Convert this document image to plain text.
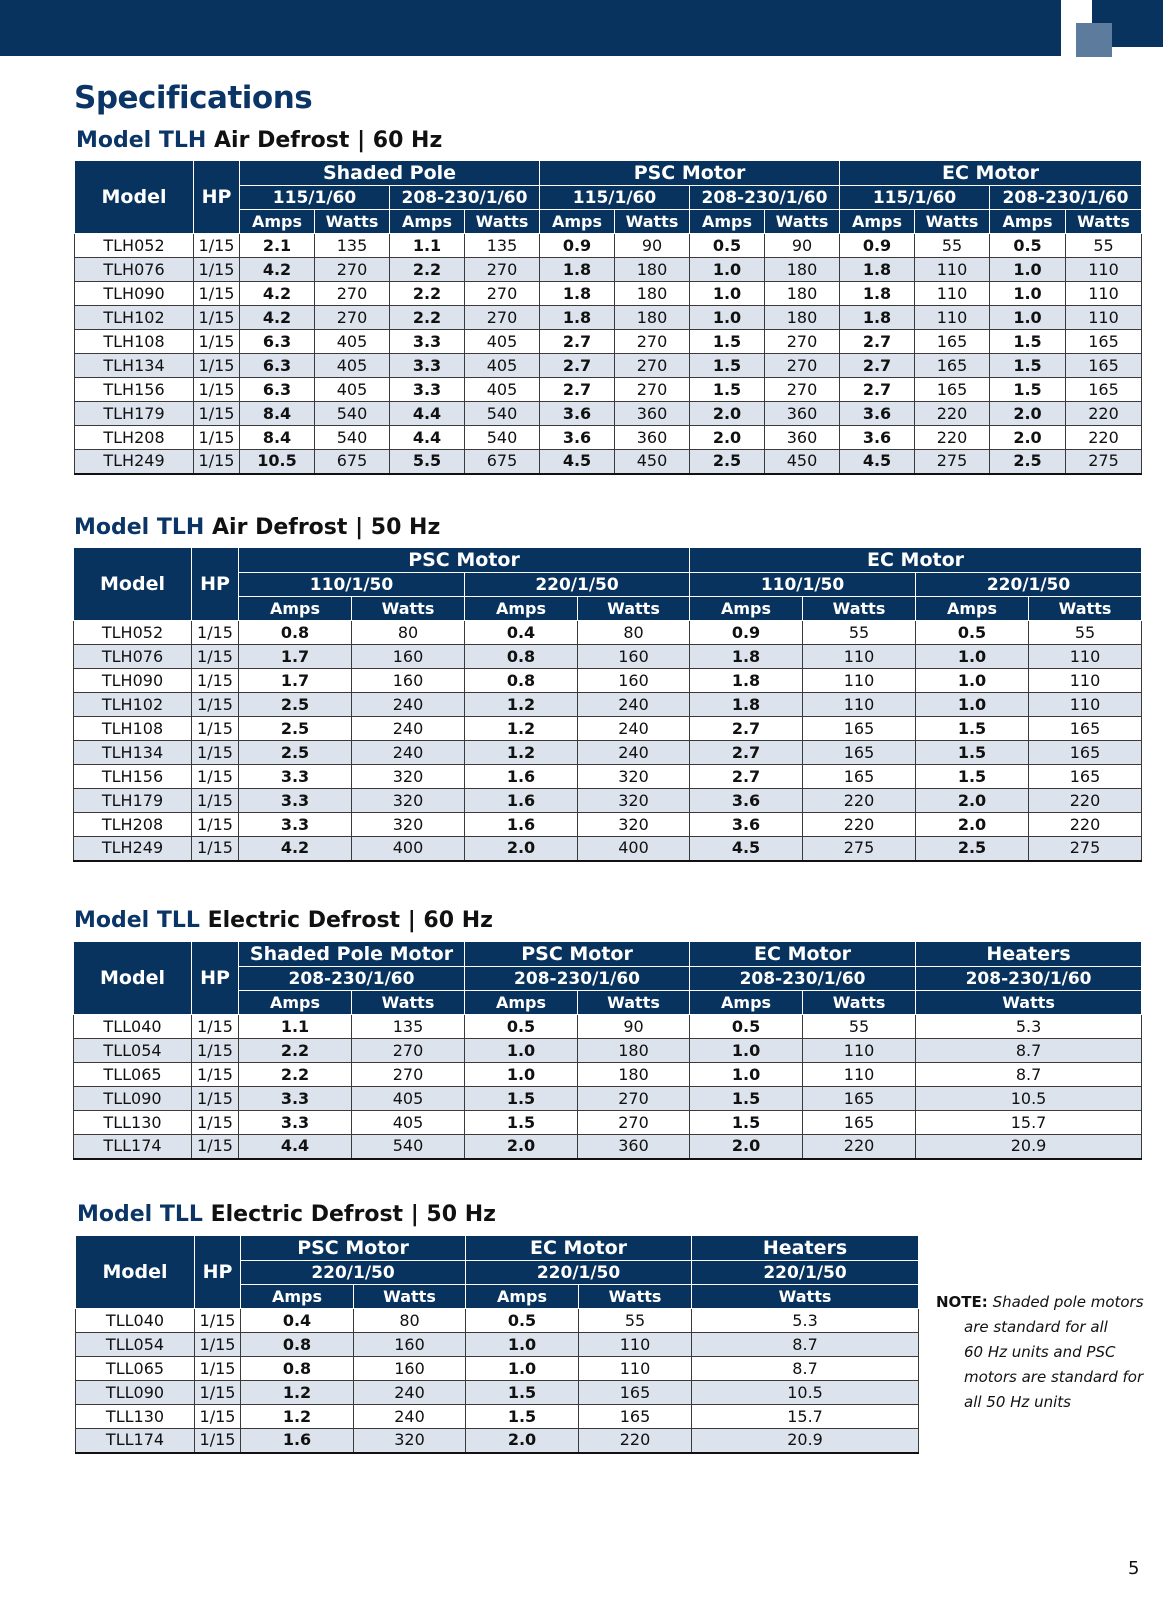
Specifications
Model TLH Air Defrost | 60 Hz
Model	HP	Shaded Pole				PSC Motor				EC Motor			
		115/1/60		208-230/1/60		115/1/60		208-230/1/60		115/1/60		208-230/1/60	
		Amps	Watts	Amps	Watts	Amps	Watts	Amps	Watts	Amps	Watts	Amps	Watts
TLH052	1/15	2.1	135	1.1	135	0.9	90	0.5	90	0.9	55	0.5	55
TLH076	1/15	4.2	270	2.2	270	1.8	180	1.0	180	1.8	110	1.0	110
TLH090	1/15	4.2	270	2.2	270	1.8	180	1.0	180	1.8	110	1.0	110
TLH102	1/15	4.2	270	2.2	270	1.8	180	1.0	180	1.8	110	1.0	110
TLH108	1/15	6.3	405	3.3	405	2.7	270	1.5	270	2.7	165	1.5	165
TLH134	1/15	6.3	405	3.3	405	2.7	270	1.5	270	2.7	165	1.5	165
TLH156	1/15	6.3	405	3.3	405	2.7	270	1.5	270	2.7	165	1.5	165
TLH179	1/15	8.4	540	4.4	540	3.6	360	2.0	360	3.6	220	2.0	220
TLH208	1/15	8.4	540	4.4	540	3.6	360	2.0	360	3.6	220	2.0	220
TLH249	1/15	10.5	675	5.5	675	4.5	450	2.5	450	4.5	275	2.5	275
Model TLH Air Defrost | 50 Hz
Model	HP	PSC Motor				EC Motor			
		110/1/50		220/1/50		110/1/50		220/1/50	
		Amps	Watts	Amps	Watts	Amps	Watts	Amps	Watts
TLH052	1/15	0.8	80	0.4	80	0.9	55	0.5	55
TLH076	1/15	1.7	160	0.8	160	1.8	110	1.0	110
TLH090	1/15	1.7	160	0.8	160	1.8	110	1.0	110
TLH102	1/15	2.5	240	1.2	240	1.8	110	1.0	110
TLH108	1/15	2.5	240	1.2	240	2.7	165	1.5	165
TLH134	1/15	2.5	240	1.2	240	2.7	165	1.5	165
TLH156	1/15	3.3	320	1.6	320	2.7	165	1.5	165
TLH179	1/15	3.3	320	1.6	320	3.6	220	2.0	220
TLH208	1/15	3.3	320	1.6	320	3.6	220	2.0	220
TLH249	1/15	4.2	400	2.0	400	4.5	275	2.5	275
Model TLL Electric Defrost | 60 Hz
Model	HP	Shaded Pole Motor		PSC Motor		EC Motor		Heaters
		208-230/1/60		208-230/1/60		208-230/1/60		208-230/1/60
		Amps	Watts	Amps	Watts	Amps	Watts	Watts
TLL040	1/15	1.1	135	0.5	90	0.5	55	5.3
TLL054	1/15	2.2	270	1.0	180	1.0	110	8.7
TLL065	1/15	2.2	270	1.0	180	1.0	110	8.7
TLL090	1/15	3.3	405	1.5	270	1.5	165	10.5
TLL130	1/15	3.3	405	1.5	270	1.5	165	15.7
TLL174	1/15	4.4	540	2.0	360	2.0	220	20.9
Model TLL Electric Defrost | 50 Hz
Model	HP	PSC Motor		EC Motor		Heaters
		220/1/50		220/1/50		220/1/50
		Amps	Watts	Amps	Watts	Watts
TLL040	1/15	0.4	80	0.5	55	5.3
TLL054	1/15	0.8	160	1.0	110	8.7
TLL065	1/15	0.8	160	1.0	110	8.7
TLL090	1/15	1.2	240	1.5	165	10.5
TLL130	1/15	1.2	240	1.5	165	15.7
TLL174	1/15	1.6	320	2.0	220	20.9
NOTE: Shaded pole motors
are standard for all
60 Hz units and PSC
motors are standard for
all 50 Hz units
5
